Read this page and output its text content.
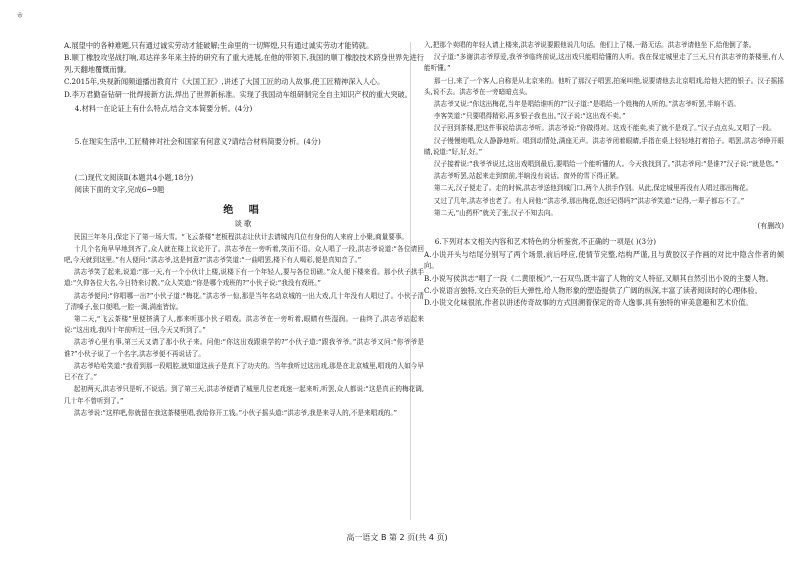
ㅎ

A.展望中的各种难题,只有通过诚实劳动才能破解;生命里的一切辉煌,只有通过诚实劳动才能铸就。

B.顺丁橡胶攻坚战打响,邓达祥多年来主持的研究有了重大进展,在他的带领下,我国的顺丁橡胶技术跻身世界先进行列,天翻地覆慨而慷。

C.2015年,央视新闻频道播出教育片《大国工匠》,讲述了大国工匠的动人故事,使工匠精神深入人心。

D.李万君勤奋钻研一批焊接新方法,焊出了世界新标准。实现了我国动车组研制完全自主知识产权的重大突破。

4.材料一在论证上有什么特点,结合文本简要分析。(4分)

5.在现实生活中,工匠精神对社会和国家有何意义?请结合材料简要分析。(4分)

(二)现代文阅读Ⅱ(本题共4小题,18分)

阅读下面的文字,完成6~9题

绝 唱
谈歌

民国三年冬月,保定下了第一场大雪。“飞云茶楼”老板程洪志让伙计去请城内几位有身份的人来府上小聚,商量要事。

十几个名角早早地到齐了,众人就在楼上议论开了。洪志爷在一旁听着,笑而不语。众人唱了一段,洪志爷说道:“各位请回吧,今天就到这里。”有人便问:“洪志爷,这是何意?”洪志爷笑道:“一曲唱罢,楼下有人喝彩,便是真知音了。”

洪志爷笑了起来,说道:“那一天,有一个小伙计上楼,说楼下有一个年轻人,要与各位切磋。”众人便下楼来看。那小伙子拱手道:“久仰各位大名,今日特来讨教。”众人笑道:“你是哪个戏班的?”小伙子说:“我没有戏班。”

洪志爷便问:“你唱哪一出?”小伙子道:“梅花。”洪志爷一惊,那是当年名动京城的一出大戏,几十年没有人唱过了。小伙子清了清嗓子,张口便唱,一腔一调,满座皆惊。

第二天,“飞云茶楼”里便挤满了人,都来听那小伙子唱戏。洪志爷在一旁听着,眼睛有些湿润。一曲终了,洪志爷站起来说:“这出戏,我四十年前听过一回,今天又听到了。”

洪志爷心里有事,第三天又请了那小伙子来。问他:“你这出戏跟谁学的?”小伙子道:“跟我爷爷。”洪志爷又问:“你爷爷是谁?”小伙子说了一个名字,洪志爷便不再说话了。

洪志爷哈哈笑道:“我看到那一段唱腔,就知道这孩子是真下了功夫的。当年我听过这出戏,那是在北京城里,唱戏的人如今早已不在了。”

起初两天,洪志爷只是听,不说话。到了第三天,洪志爷便请了城里几位老戏迷一起来听,听罢,众人都说:“这是真正的梅花调,几十年不曾听到了。”

洪志爷说:“这样吧,你就留在我这茶楼里唱,我给你开工钱。”小伙子摇头道:“洪志爷,我是来寻人的,不是来唱戏的。”

入,把那个卖唱的年轻人请上楼来,洪志爷说要跟他说几句话。他们上了楼,一路无话。洪志爷请他坐下,给他倒了茶。

汉子道:“多谢洪志爷厚爱,我爷爷临终前说,这出戏只能唱给懂的人听。我在保定城里走了三天,只有洪志爷的茶楼里,有人能听懂。”

那一日,来了一个客人,自称是从北京来的。他听了那汉子唱罢,拍案叫绝,说要请他去北京唱戏,给他大把的银子。汉子摇摇头,说不去。洪志爷在一旁暗暗点头。

洪志爷又说:“你这出梅花,当年是唱给谁听的?”汉子道:“是唱给一个姓梅的人听的。”洪志爷听罢,半晌不语。

李客笑道:“只要唱得精彩,再多银子我也出。”汉子说:“这出戏不卖。”

汉子回到茶楼,把这件事说给洪志爷听。洪志爷说:“你做得对。这戏不能卖,卖了就不是戏了。”汉子点点头,又唱了一段。

汉子慢慢地唱,众人静静地听。唱到动情处,满座无声。洪志爷闭着眼睛,手指在桌上轻轻地打着拍子。唱罢,洪志爷睁开眼睛,说道:“好,好,好。”

汉子接着说:“我爷爷说过,这出戏唱到最后,要唱给一个能听懂的人。今天我找到了。”洪志爷问:“是谁?”汉子说:“就是您。”

洪志爷听罢,站起来走到窗前,半晌没有说话。窗外的雪下得正紧。

第二天,汉子便走了。走的时候,洪志爷送他到城门口,两个人拱手作别。从此,保定城里再没有人唱过那出梅花。

又过了几年,洪志爷也老了。有人问他:“洪志爷,那出梅花,您还记得吗?”洪志爷笑道:“记得,一辈子都忘不了。”

第二天,“山药杯”就关了张,汉子不知去向。

(有删改)

6.下列对本文相关内容和艺术特色的分析鉴赏,不正确的一项是( )(3分)

A.小说开头与结尾分别写了两个场景,前后呼应,使情节完整,结构严谨,且与黄胶汉子作画的对比中隐含作者的倾向。

B.小说写侯洪志“唱了一段《二黄原板》”,一石双鸟,既丰富了人物的文人特征,又顺其自然引出小说的主要人物。

C.小说语言独特,文白夹杂的巨大弹性,给人物形象的塑造提供了广阔的纵深,丰富了读者阅读时的心理体验。

D.小说文化味很浓,作者以讲述传奇故事的方式回溯着保定的奇人逸事,具有独特的审美意趣和艺术价值。

高一语文 B 第 2 页(共 4 页)
